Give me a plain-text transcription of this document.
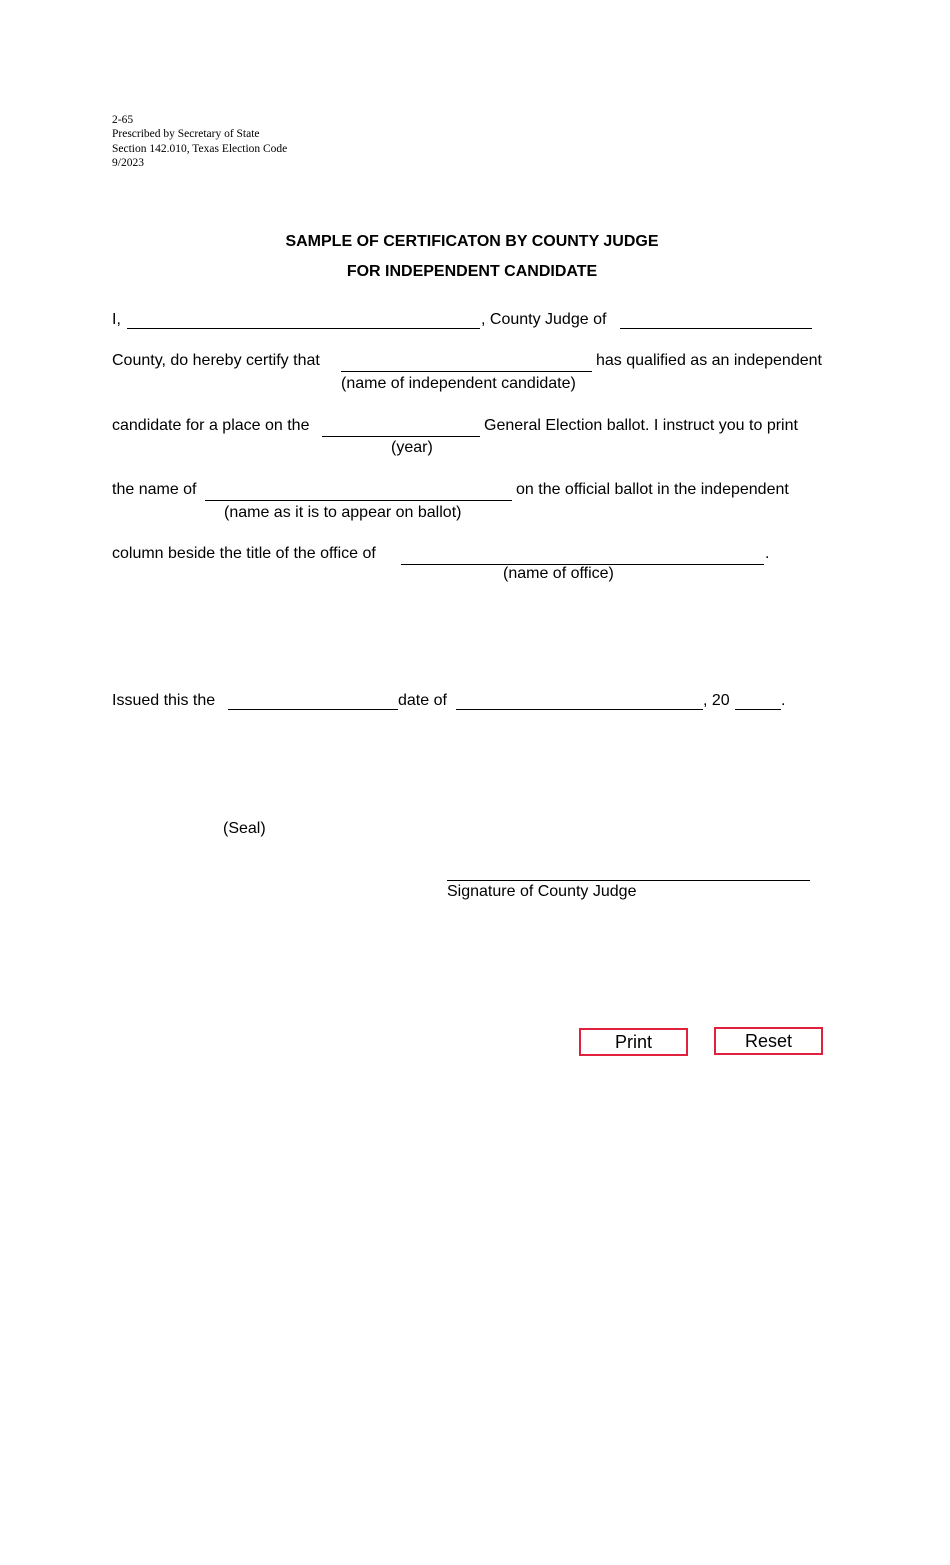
2-65
Prescribed by Secretary of State
Section 142.010, Texas Election Code
9/2023
SAMPLE OF CERTIFICATON BY COUNTY JUDGE
FOR INDEPENDENT CANDIDATE
I,	, County Judge of
County, do hereby certify that	has qualified as an independent
(name of independent candidate)
candidate for a place on the	General Election ballot. I instruct you to print
(year)
the name of	on the official ballot in the independent
(name as it is to appear on ballot)
column beside the title of the office of	.
(name of office)
Issued this the	date of	, 20	.
(Seal)
Signature of County Judge
Print	Reset
